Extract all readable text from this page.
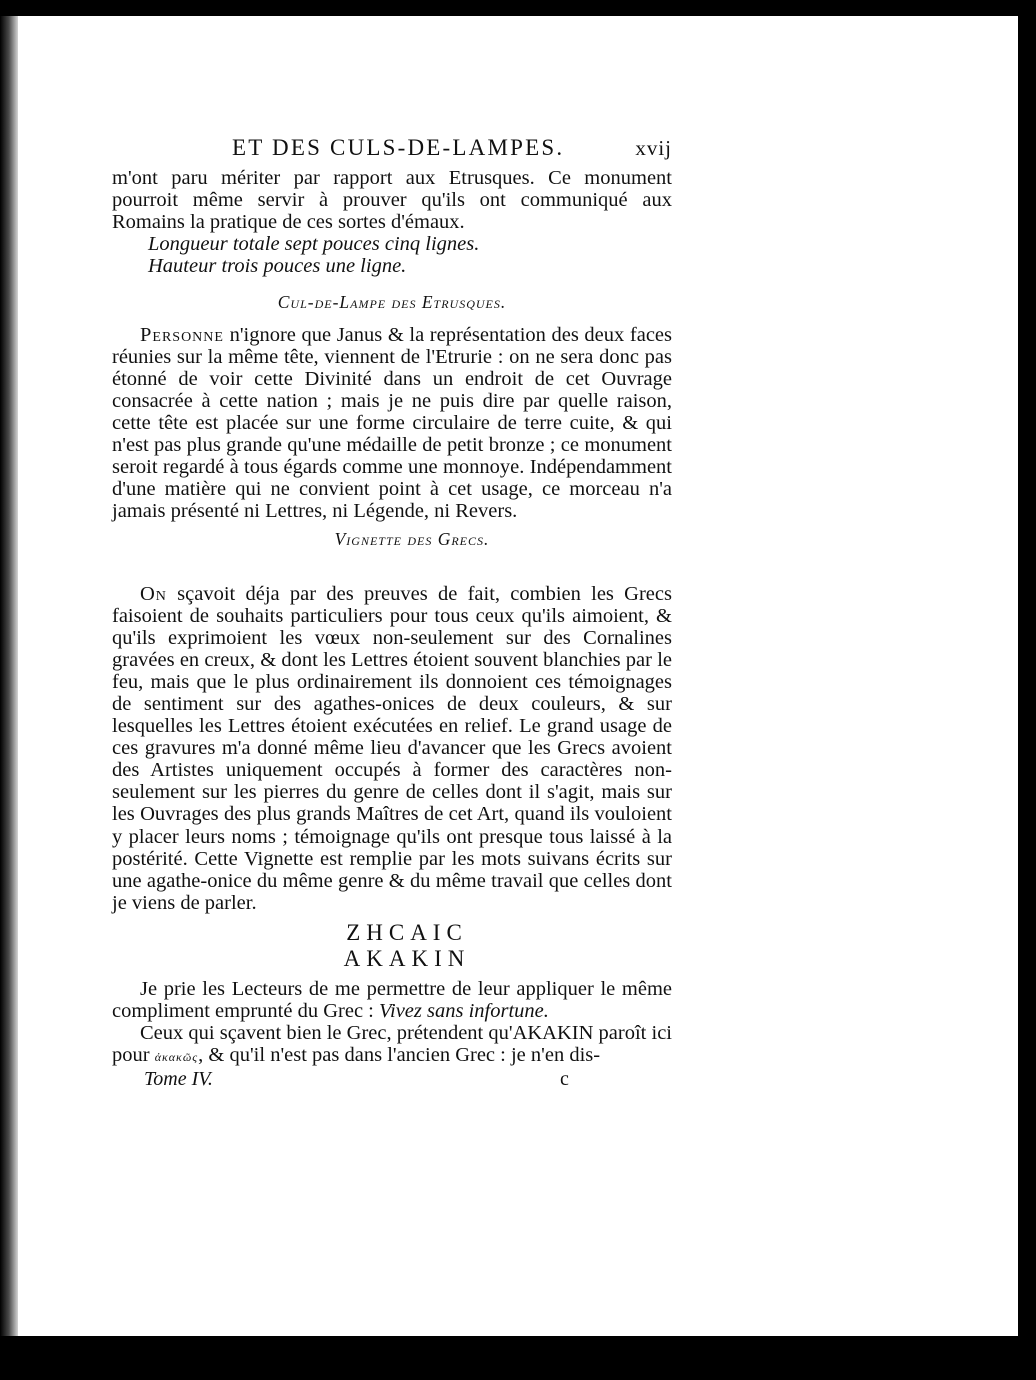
ET DES CULS-DE-LAMPES.	xvij

m'ont paru mériter par rapport aux Etrusques. Ce monument pourroit même servir à prouver qu'ils ont communiqué aux Romains la pratique de ces sortes d'émaux.

Longueur totale sept pouces cinq lignes.
Hauteur trois pouces une ligne.
Cul-de-Lampe des Etrusques.

Personne n'ignore que Janus & la représentation des deux faces réunies sur la même tête, viennent de l'Etrurie : on ne sera donc pas étonné de voir cette Divinité dans un endroit de cet Ouvrage consacrée à cette nation ; mais je ne puis dire par quelle raison, cette tête est placée sur une forme circulaire de terre cuite, & qui n'est pas plus grande qu'une médaille de petit bronze ; ce monument seroit regardé à tous égards comme une monnoye. Indépendamment d'une matière qui ne convient point à cet usage, ce morceau n'a jamais présenté ni Lettres, ni Légende, ni Revers.

Vignette des Grecs.

On sçavoit déja par des preuves de fait, combien les Grecs faisoient de souhaits particuliers pour tous ceux qu'ils aimoient, & qu'ils exprimoient les vœux non-seulement sur des Cornalines gravées en creux, & dont les Lettres étoient souvent blanchies par le feu, mais que le plus ordinairement ils donnoient ces témoignages de sentiment sur des agathes-onices de deux couleurs, & sur lesquelles les Lettres étoient exécutées en relief. Le grand usage de ces gravures m'a donné même lieu d'avancer que les Grecs avoient des Artistes uniquement occupés à former des caractères non-seulement sur les pierres du genre de celles dont il s'agit, mais sur les Ouvrages des plus grands Maîtres de cet Art, quand ils vouloient y placer leurs noms ; témoignage qu'ils ont presque tous laissé à la postérité. Cette Vignette est remplie par les mots suivans écrits sur une agathe-onice du même genre & du même travail que celles dont je viens de parler.

ΖΗCΑΙC
ΑΚΑΚΙΝ

Je prie les Lecteurs de me permettre de leur appliquer le même compliment emprunté du Grec : Vivez sans infortune.

Ceux qui sçavent bien le Grec, prétendent qu'AKAKIN paroît ici pour ἀκακῶς, & qu'il n'est pas dans l'ancien Grec : je n'en dis-

Tome IV.	c
